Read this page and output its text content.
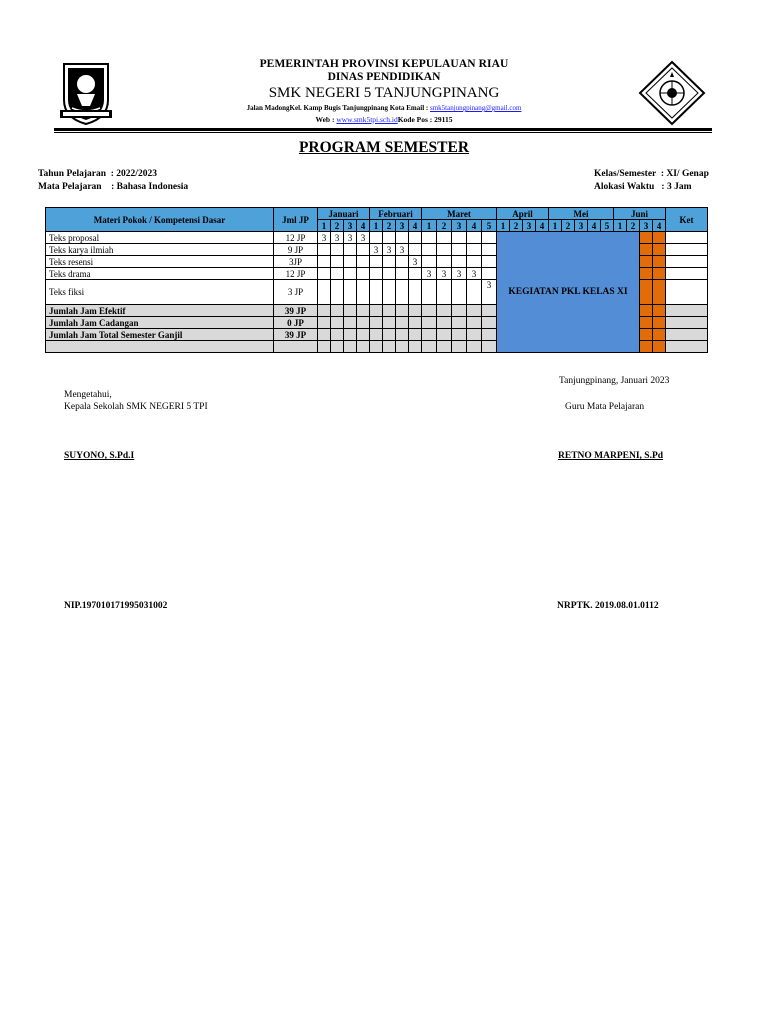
PEMERINTAH PROVINSI KEPULAUAN RIAU
DINAS PENDIDIKAN
SMK NEGERI 5 TANJUNGPINANG
Jalan MadongKel. Kamp Bugis Tanjungpinang Kota Email : smk5tanjungpinang@gmail.com
Web : www.smk5tpi.sch.idKode Pos : 29115
PROGRAM SEMESTER
Tahun Pelajaran  : 2022/2023
Mata Pelajaran    : Bahasa Indonesia
Kelas/Semester  : XI/ Genap
Alokasi Waktu   : 3 Jam
Materi Pokok / Kompetensi Dasar	Jml JP	Januari				Februari				Maret					April				Mei					Juni				Ket
		1	2	3	4	1	2	3	4	1	2	3	4	5	1	2	3	4	1	2	3	4	5	1	2	3	4	
Teks proposal	12 JP	3	3	3	3										KEGIATAN PKL KELAS XI													
Teks karya ilmiah	9 JP					3	3	3																				
Teks resensi	3JP								3																			
Teks drama	12 JP									3	3	3	3															
Teks fiksi	3 JP													3														
Jumlah Jam Efektif	39 JP																											
Jumlah Jam Cadangan	0 JP																											
Jumlah Jam Total Semester Ganjil	39 JP																											

Tanjungpinang, Januari 2023
Mengetahui,
Kepala Sekolah SMK NEGERI 5 TPI	Guru Mata Pelajaran
SUYONO, S.Pd.I	RETNO MARPENI, S.Pd
NIP.197010171995031002	NRPTK. 2019.08.01.0112
